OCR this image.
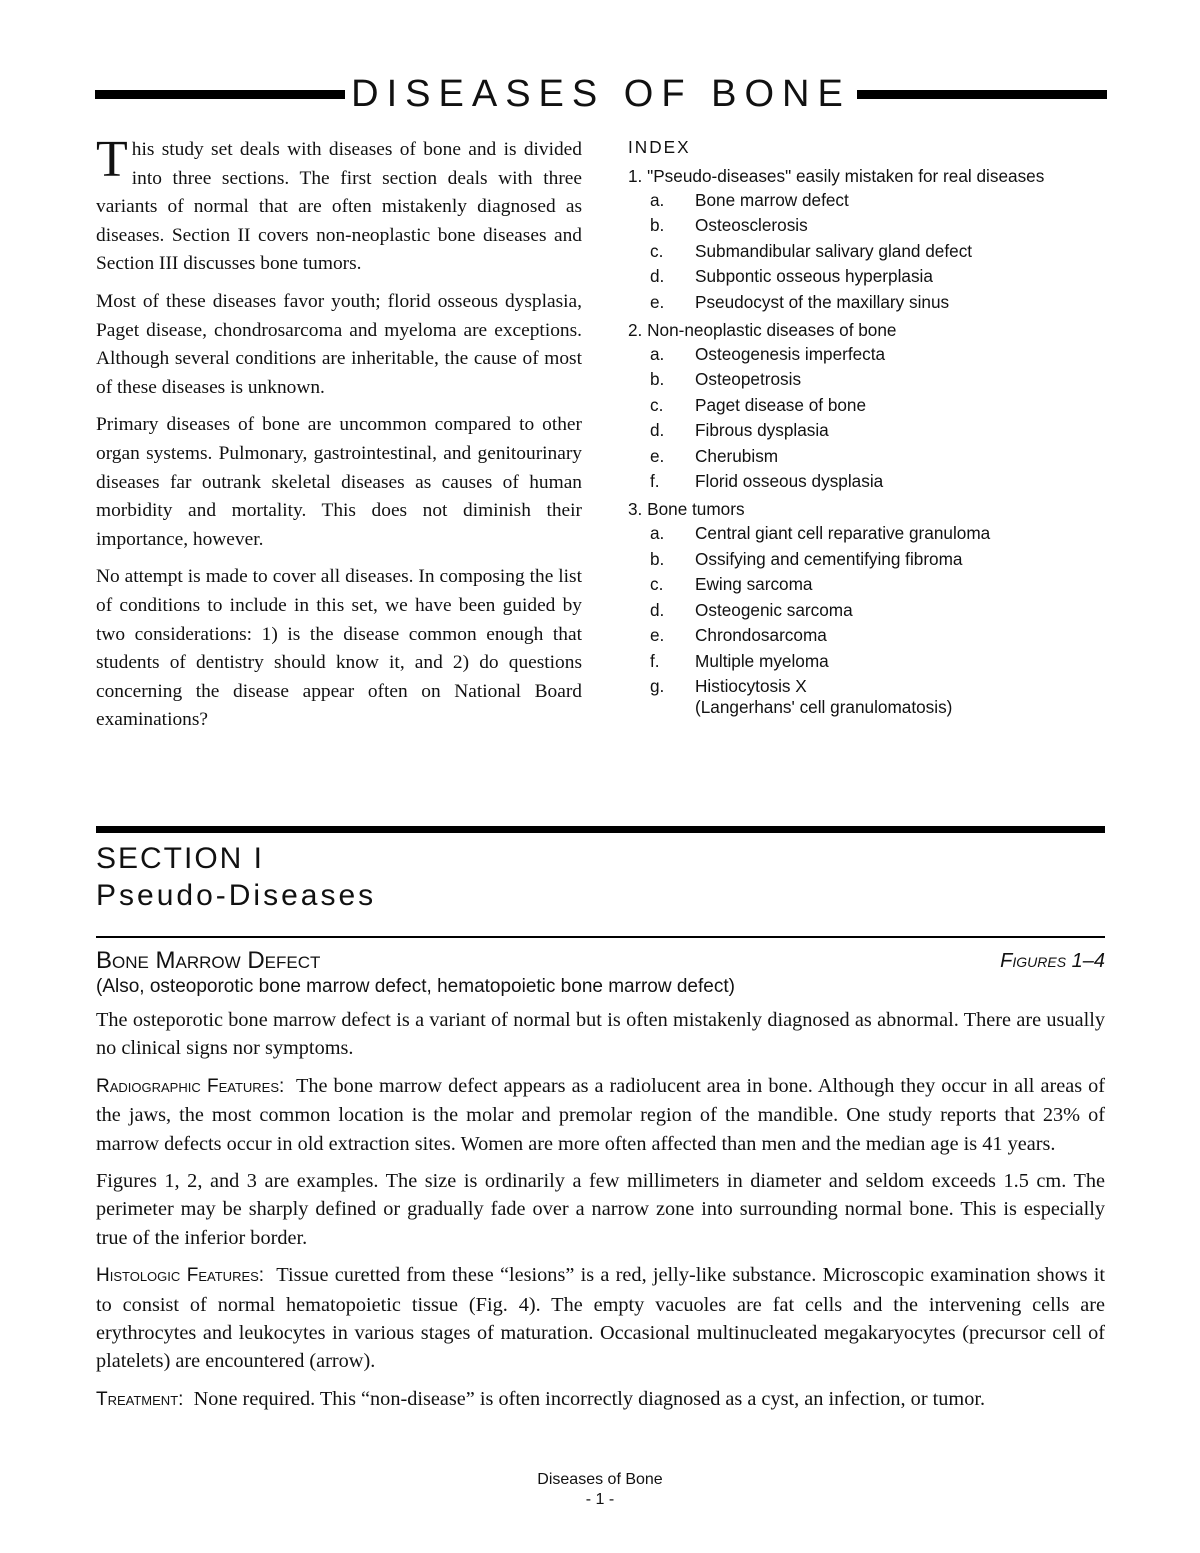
DISEASES OF BONE

This study set deals with diseases of bone and is divided into three sections. The first section deals with three variants of normal that are often mistakenly diagnosed as diseases. Section II covers non-neoplastic bone diseases and Section III discusses bone tumors.

Most of these diseases favor youth; florid osseous dysplasia, Paget disease, chondrosarcoma and myeloma are exceptions. Although several conditions are inheritable, the cause of most of these diseases is unknown.

Primary diseases of bone are uncommon compared to other organ systems. Pulmonary, gastrointestinal, and genitourinary diseases far outrank skeletal diseases as causes of human morbidity and mortality. This does not diminish their importance, however.

No attempt is made to cover all diseases. In composing the list of conditions to include in this set, we have been guided by two considerations: 1) is the disease common enough that students of dentistry should know it, and 2) do questions concerning the disease appear often on National Board examinations?

INDEX
1. "Pseudo-diseases" easily mistaken for real diseases
a.	Bone marrow defect
b.	Osteosclerosis
c.	Submandibular salivary gland defect
d.	Subpontic osseous hyperplasia
e.	Pseudocyst of the maxillary sinus
2. Non-neoplastic diseases of bone
a.	Osteogenesis imperfecta
b.	Osteopetrosis
c.	Paget disease of bone
d.	Fibrous dysplasia
e.	Cherubism
f.	Florid osseous dysplasia
3. Bone tumors
a.	Central giant cell reparative granuloma
b.	Ossifying and cementifying fibroma
c.	Ewing sarcoma
d.	Osteogenic sarcoma
e.	Chrondosarcoma
f.	Multiple myeloma
g.	Histiocytosis X
(Langerhans' cell granulomatosis)
SECTION I
Pseudo-Diseases
Bone Marrow Defect	Figures 1–4
(Also, osteoporotic bone marrow defect, hematopoietic bone marrow defect)

The osteporotic bone marrow defect is a variant of normal but is often mistakenly diagnosed as abnormal. There are usually no clinical signs nor symptoms.

Radiographic Features: The bone marrow defect appears as a radiolucent area in bone. Although they occur in all areas of the jaws, the most common location is the molar and premolar region of the mandible. One study reports that 23% of marrow defects occur in old extraction sites. Women are more often affected than men and the median age is 41 years.

Figures 1, 2, and 3 are examples. The size is ordinarily a few millimeters in diameter and seldom exceeds 1.5 cm. The perimeter may be sharply defined or gradually fade over a narrow zone into surrounding normal bone. This is especially true of the inferior border.

Histologic Features: Tissue curetted from these “lesions” is a red, jelly-like substance. Microscopic examination shows it to consist of normal hematopoietic tissue (Fig. 4). The empty vacuoles are fat cells and the intervening cells are erythrocytes and leukocytes in various stages of maturation. Occasional multinucleated megakaryocytes (precursor cell of platelets) are encountered (arrow).

Treatment: None required. This “non-disease” is often incorrectly diagnosed as a cyst, an infection, or tumor.

Diseases of Bone
- 1 -
